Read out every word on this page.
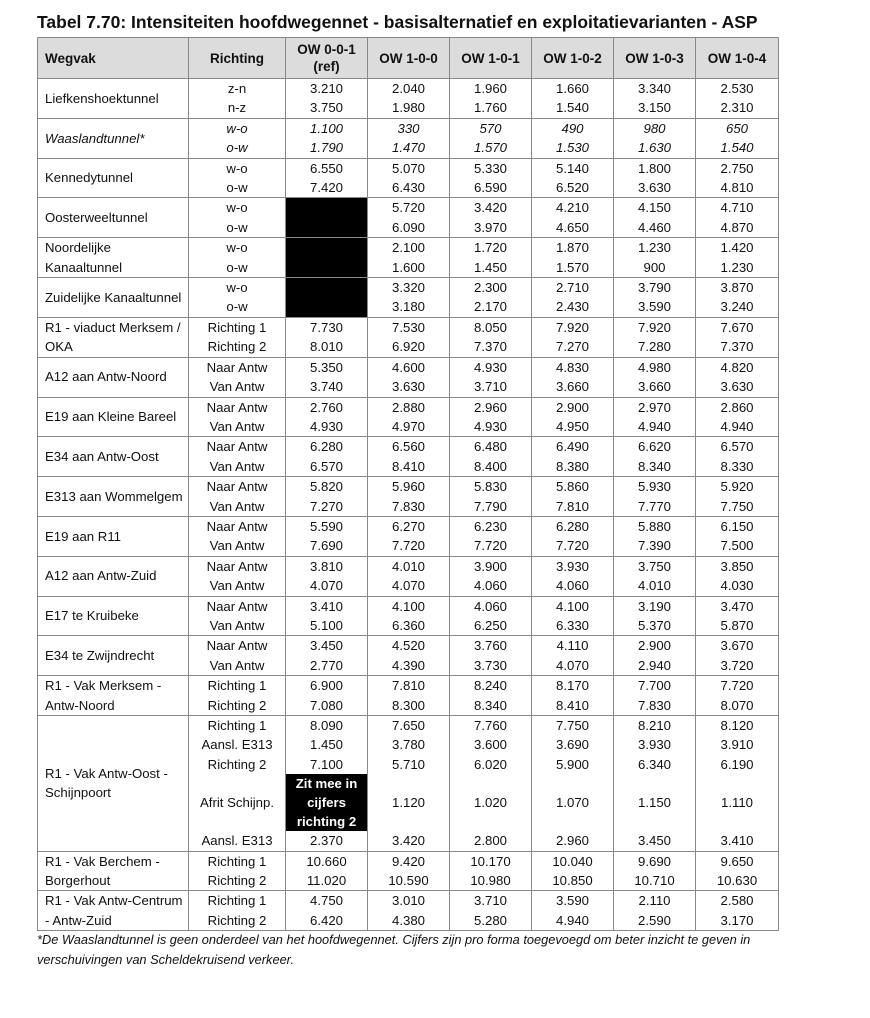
Tabel 7.70: Intensiteiten hoofdwegennet - basisalternatief en exploitatievarianten - ASP
Wegvak	Richting	OW 0-0-1 (ref)	OW 1-0-0	OW 1-0-1	OW 1-0-2	OW 1-0-3	OW 1-0-4
Liefkenshoektunnel	z-n	3.210	2.040	1.960	1.660	3.340	2.530
	n-z	3.750	1.980	1.760	1.540	3.150	2.310
Waaslandtunnel*	w-o	1.100	330	570	490	980	650
	o-w	1.790	1.470	1.570	1.530	1.630	1.540
Kennedytunnel	w-o	6.550	5.070	5.330	5.140	1.800	2.750
	o-w	7.420	6.430	6.590	6.520	3.630	4.810
Oosterweeltunnel	w-o		5.720	3.420	4.210	4.150	4.710
	o-w		6.090	3.970	4.650	4.460	4.870
Noordelijke Kanaaltunnel	w-o		2.100	1.720	1.870	1.230	1.420
	o-w		1.600	1.450	1.570	900	1.230
Zuidelijke Kanaaltunnel	w-o		3.320	2.300	2.710	3.790	3.870
	o-w		3.180	2.170	2.430	3.590	3.240
R1 - viaduct Merksem / OKA	Richting 1	7.730	7.530	8.050	7.920	7.920	7.670
	Richting 2	8.010	6.920	7.370	7.270	7.280	7.370
A12 aan Antw-Noord	Naar Antw	5.350	4.600	4.930	4.830	4.980	4.820
	Van Antw	3.740	3.630	3.710	3.660	3.660	3.630
E19 aan Kleine Bareel	Naar Antw	2.760	2.880	2.960	2.900	2.970	2.860
	Van Antw	4.930	4.970	4.930	4.950	4.940	4.940
E34 aan Antw-Oost	Naar Antw	6.280	6.560	6.480	6.490	6.620	6.570
	Van Antw	6.570	8.410	8.400	8.380	8.340	8.330
E313 aan Wommelgem	Naar Antw	5.820	5.960	5.830	5.860	5.930	5.920
	Van Antw	7.270	7.830	7.790	7.810	7.770	7.750
E19 aan R11	Naar Antw	5.590	6.270	6.230	6.280	5.880	6.150
	Van Antw	7.690	7.720	7.720	7.720	7.390	7.500
A12 aan Antw-Zuid	Naar Antw	3.810	4.010	3.900	3.930	3.750	3.850
	Van Antw	4.070	4.070	4.060	4.060	4.010	4.030
E17 te Kruibeke	Naar Antw	3.410	4.100	4.060	4.100	3.190	3.470
	Van Antw	5.100	6.360	6.250	6.330	5.370	5.870
E34 te Zwijndrecht	Naar Antw	3.450	4.520	3.760	4.110	2.900	3.670
	Van Antw	2.770	4.390	3.730	4.070	2.940	3.720
R1 - Vak Merksem - Antw-Noord	Richting 1	6.900	7.810	8.240	8.170	7.700	7.720
	Richting 2	7.080	8.300	8.340	8.410	7.830	8.070
R1 - Vak Antw-Oost - Schijnpoort	Richting 1	8.090	7.650	7.760	7.750	8.210	8.120
	Aansl. E313	1.450	3.780	3.600	3.690	3.930	3.910
	Richting 2	7.100	5.710	6.020	5.900	6.340	6.190
	Afrit Schijnp.	Zit mee in cijfers richting 2	1.120	1.020	1.070	1.150	1.110
	Aansl. E313	2.370	3.420	2.800	2.960	3.450	3.410
R1 - Vak Berchem - Borgerhout	Richting 1	10.660	9.420	10.170	10.040	9.690	9.650
	Richting 2	11.020	10.590	10.980	10.850	10.710	10.630
R1 - Vak Antw-Centrum - Antw-Zuid	Richting 1	4.750	3.010	3.710	3.590	2.110	2.580
	Richting 2	6.420	4.380	5.280	4.940	2.590	3.170
*De Waaslandtunnel is geen onderdeel van het hoofdwegennet. Cijfers zijn pro forma toegevoegd om beter inzicht te geven in verschuivingen van Scheldekruisend verkeer.
